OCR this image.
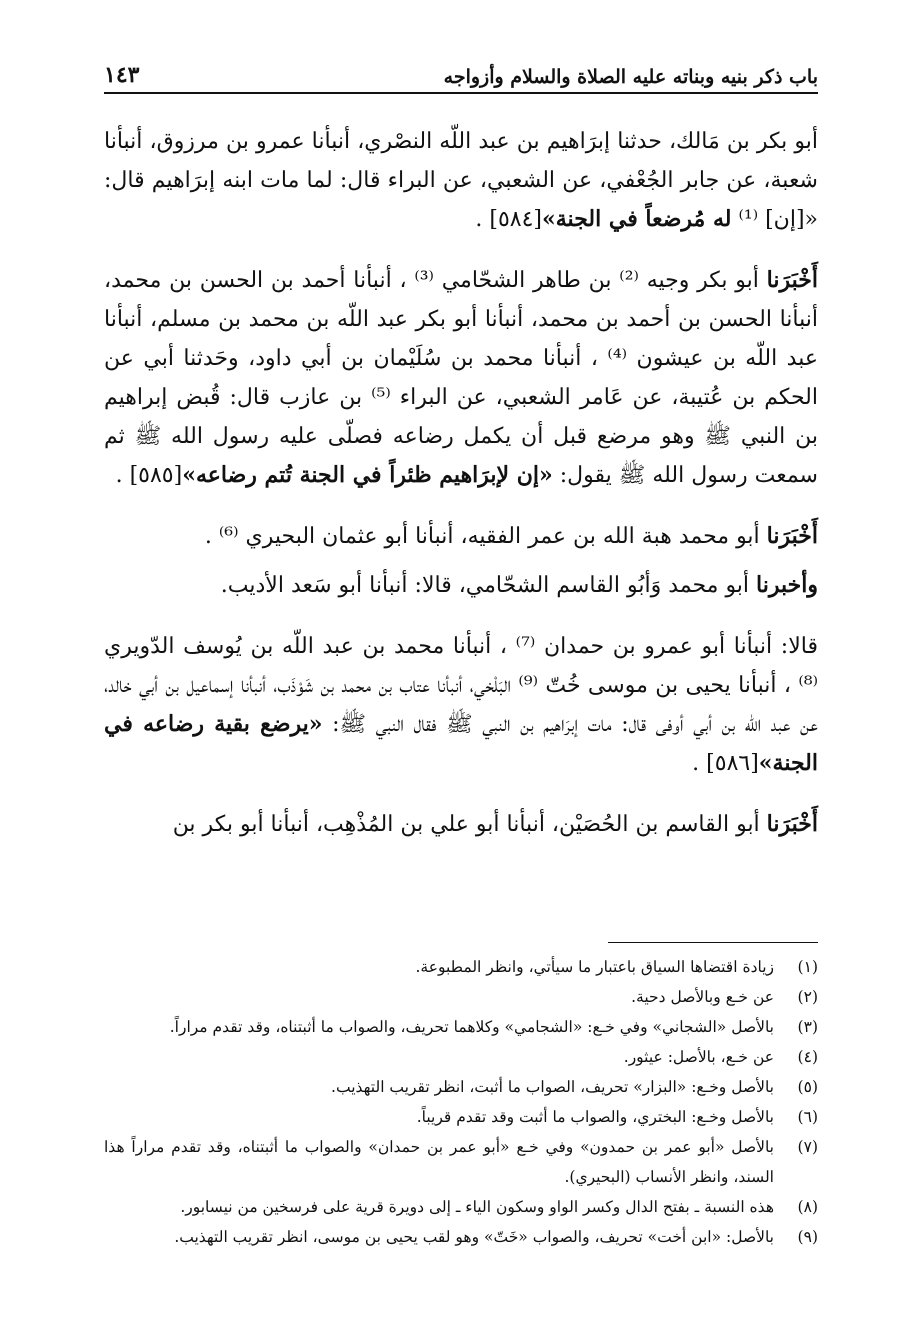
باب ذكر بنيه وبناته عليه الصلاة والسلام وأزواجه
١٤٣

أبو بكر بن مَالك، حدثنا إبرَاهيم بن عبد اللّه النصْري، أنبأنا عمرو بن مرزوق، أنبأنا شعبة، عن جابر الجُعْفي، عن الشعبي، عن البراء قال: لما مات ابنه إبرَاهيم قال: «[إن] ⁽¹⁾ له مُرضعاً في الجنة»[٥٨٤] .

أَخْبَرَنا أبو بكر وجيه ⁽²⁾ بن طاهر الشحّامي ⁽³⁾ ، أنبأنا أحمد بن الحسن بن محمد، أنبأنا الحسن بن أحمد بن محمد، أنبأنا أبو بكر عبد اللّه بن محمد بن مسلم، أنبأنا عبد اللّه بن عيشون ⁽⁴⁾ ، أنبأنا محمد بن سُلَيْمان بن أبي داود، وحَدثنا أبي عن الحكم بن عُتيبة، عن عَامر الشعبي، عن البراء ⁽⁵⁾ بن عازب قال: قُبض إبراهيم بن النبي ﷺ وهو مرضع قبل أن يكمل رضاعه فصلّى عليه رسول الله ﷺ ثم سمعت رسول الله ﷺ يقول: «إن لإبرَاهيم ظئراً في الجنة تُتم رضاعه»[٥٨٥] .

أَخْبَرَنا أبو محمد هبة الله بن عمر الفقيه، أنبأنا أبو عثمان البحيري ⁽⁶⁾ .

وأخبرنا أبو محمد وَأبُو القاسم الشحّامي، قالا: أنبأنا أبو سَعد الأديب.

قالا: أنبأنا أبو عمرو بن حمدان ⁽⁷⁾ ، أنبأنا محمد بن عبد اللّه بن يُوسف الدّويري ⁽⁸⁾ ، أنبأنا يحيى بن موسى خُتّ ⁽⁹⁾ البَلْخي، أنبأنا عتاب بن محمد بن شَوْذَب، أنبأنا إسماعيل بن أبي خالد، عن عبد اللّه بن أبي أوفى قال: مات إبرَاهيم بن النبي ﷺ فقال النبي ﷺ: «يرضع بقية رضاعه في الجنة»[٥٨٦] .

أَخْبَرَنا أبو القاسم بن الحُصَيْن، أنبأنا أبو علي بن المُذْهِب، أنبأنا أبو بكر بن

(١)
زيادة اقتضاها السياق باعتبار ما سيأتي، وانظر المطبوعة.
(٢)
عن خـع وبالأصل دحية.
(٣)
بالأصل «الشجاني» وفي خـع: «الشجامي» وكلاهما تحريف، والصواب ما أثبتناه، وقد تقدم مراراً.
(٤)
عن خـع، بالأصل: عيثور.
(٥)
بالأصل وخـع: «البزار» تحريف، الصواب ما أثبت، انظر تقريب التهذيب.
(٦)
بالأصل وخـع: البختري، والصواب ما أثبت وقد تقدم قريباً.
(٧)
بالأصل «أبو عمر بن حمدون» وفي خـع «أبو عمر بن حمدان» والصواب ما أثبتناه، وقد تقدم مراراً هذا السند، وانظر الأنساب (البحيري).
(٨)
هذه النسبة ـ بفتح الدال وكسر الواو وسكون الياء ـ إلى دويرة قرية على فرسخين من نيسابور.
(٩)
بالأصل: «ابن أخت» تحريف، والصواب «خَتّ» وهو لقب يحيى بن موسى، انظر تقريب التهذيب.
